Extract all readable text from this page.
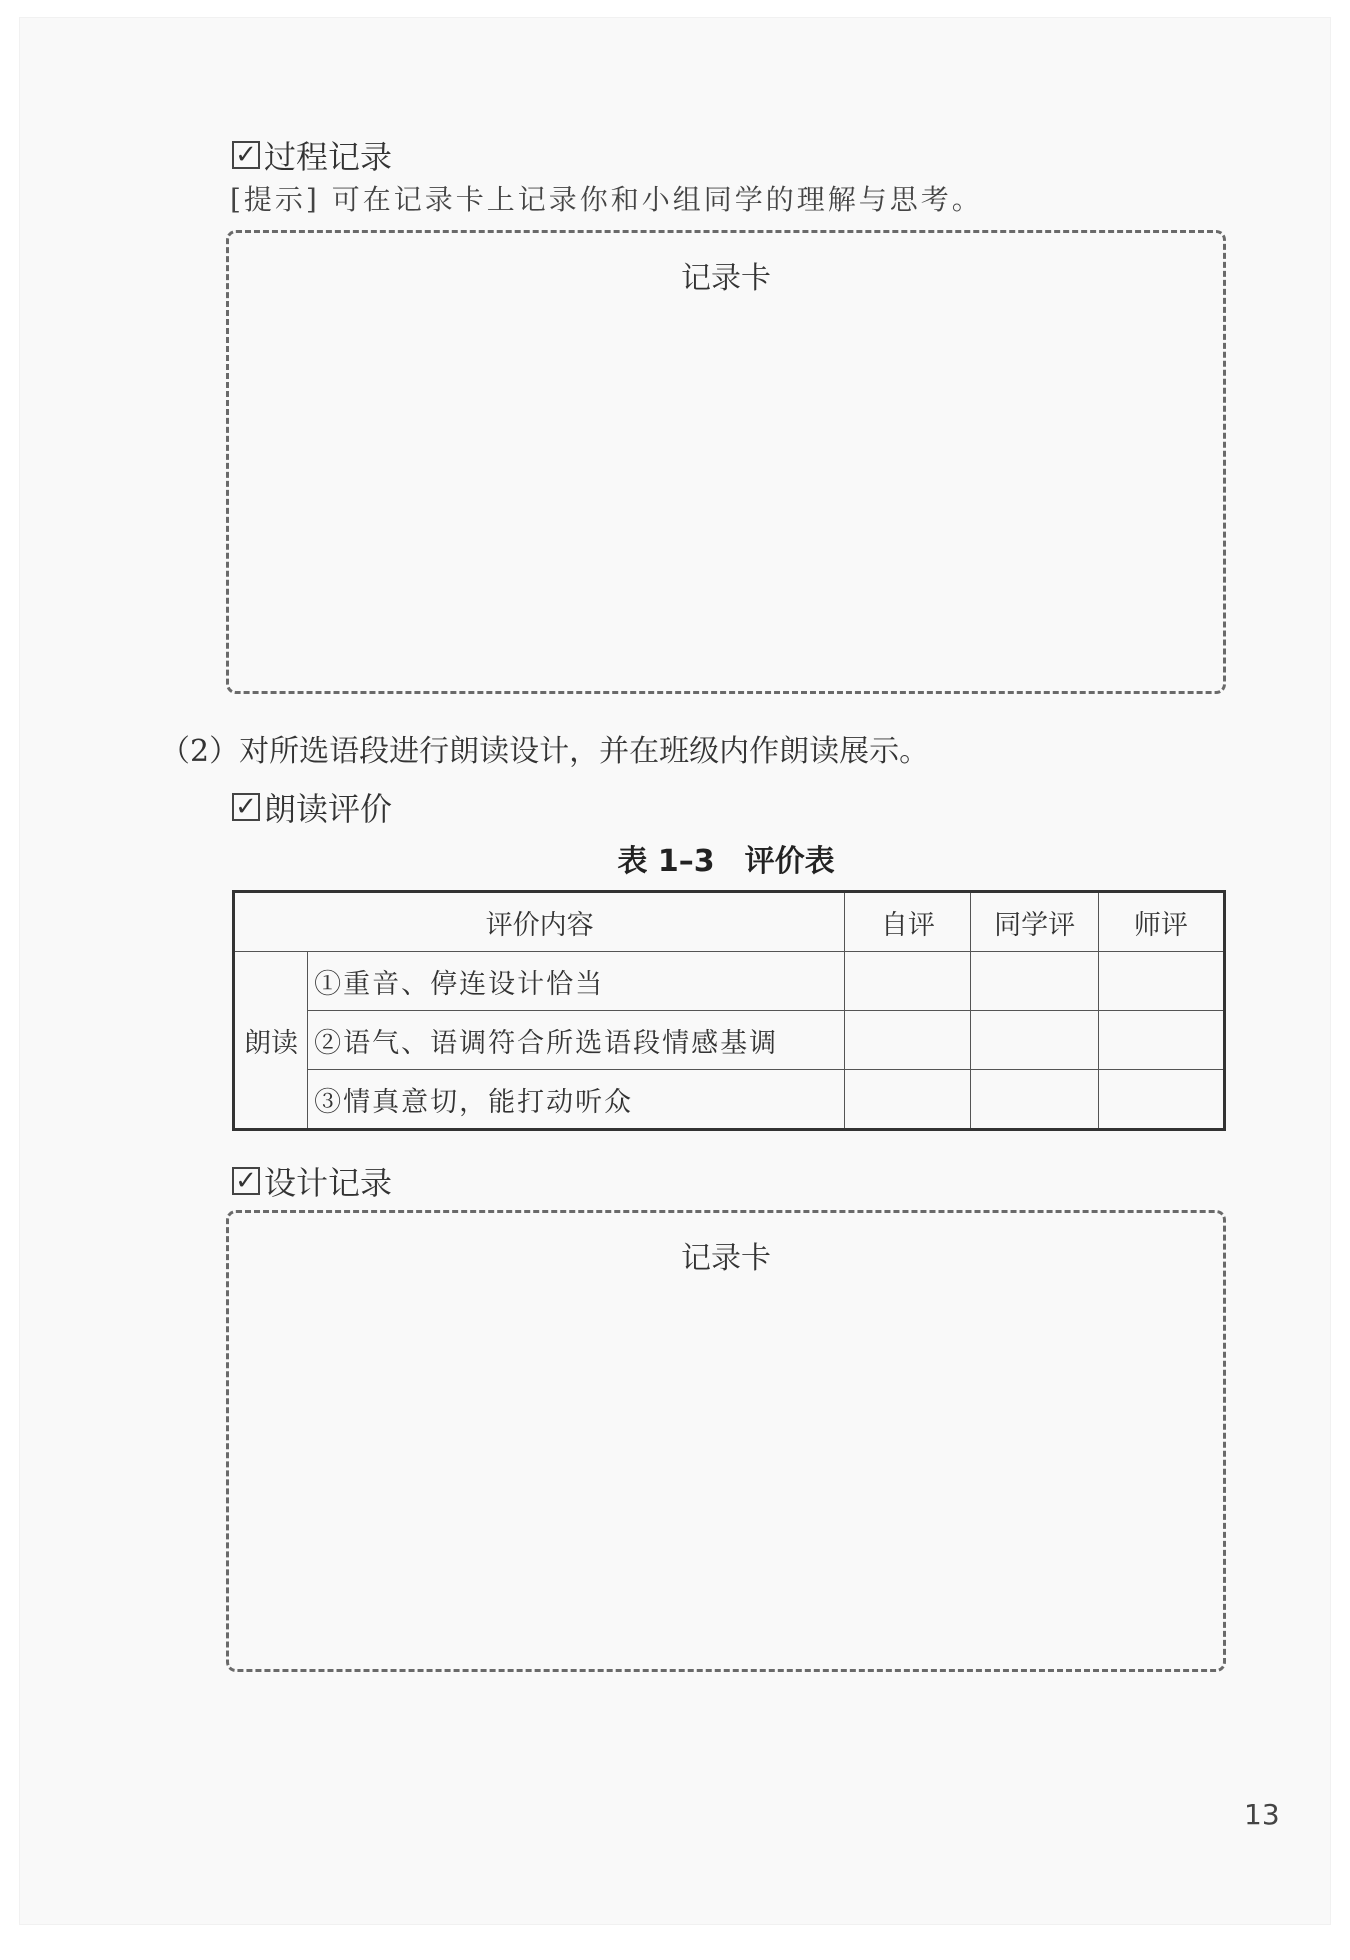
✓ 过程记录
[提示] 可在记录卡上记录你和小组同学的理解与思考。
记录卡
（2）对所选语段进行朗读设计，并在班级内作朗读展示。
✓ 朗读评价
表 1–3　评价表
评价内容		自评	同学评	师评
朗读	①重音、停连设计恰当			
	②语气、语调符合所选语段情感基调			
	③情真意切，能打动听众			
✓ 设计记录
记录卡
13
